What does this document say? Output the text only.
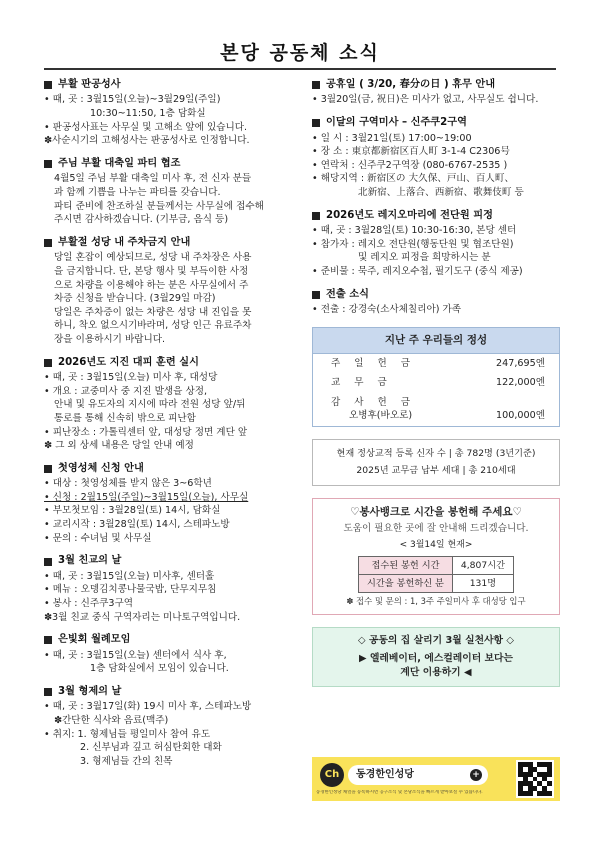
본당 공동체 소식
부활 판공성사
• 때, 곳 : 3월15일(오늘)~3월29일(주일)
10:30~11:50, 1층 담화실
• 판공성사표는 사무실 및 고해소 앞에 있습니다.
✽사순시기의 고해성사는 판공성사로 인정합니다.
주님 부활 대축일 파티 협조
4월5일 주님 부활 대축일 미사 후, 전 신자 분들
과 함께 기쁨을 나누는 파티를 갖습니다.
파티 준비에 찬조하실 분들께서는 사무실에 접수해
주시면 감사하겠습니다. (기부금, 음식 등)
부활절 성당 내 주차금지 안내
당일 혼잡이 예상되므로, 성당 내 주차장은 사용
을 금지합니다. 단, 본당 행사 및 부득이한 사정
으로 차량을 이용해야 하는 분은 사무실에서 주
차증 신청을 받습니다. (3월29일 마감)
당일은 주차증이 없는 차량은 성당 내 진입을 못
하니, 착오 없으시기바라며, 성당 인근 유료주차
장을 이용하시기 바랍니다.
2026년도 지진 대피 훈련 실시
• 때, 곳 : 3월15일(오늘) 미사 후, 대성당
• 개요 : 교중미사 중 지진 발생을 상정,
안내 및 유도자의 지시에 따라 전원 성당 앞/뒤
통로를 통해 신속히 밖으로 피난함
• 피난장소 : 가톨릭센터 앞, 대성당 정면 계단 앞
✽ 그 외 상세 내용은 당일 안내 예정
첫영성체 신청 안내
• 대상 : 첫영성체를 받지 않은 3~6학년
• 신청 : 2월15일(주일)~3월15일(오늘), 사무실
• 부모첫모임 : 3월28일(토) 14시, 담화실
• 교리시작 : 3월28일(토) 14시, 스테파노방
• 문의 : 수녀님 및 사무실
3월 친교의 날
• 때, 곳 : 3월15일(오늘) 미사후, 센터홀
• 메뉴 : 오뎅김치콩나물국밥, 단무지무침
• 봉사 : 신주쿠3구역
✽3월 친교 중식 구역자리는 미나토구역입니다.
은빛회 월례모임
• 때, 곳 : 3월15일(오늘) 센터에서 식사 후,
1층 담화실에서 모임이 있습니다.
3월 형제의 날
• 때, 곳 : 3월17일(화) 19시 미사 후, 스테파노방
✽간단한 식사와 음료(맥주)
• 취지: 1. 형제님들 평일미사 참여 유도
2. 신부님과 깊고 허심탄회한 대화
3. 형제님들 간의 친목
공휴일 ( 3/20, 春分の日 ) 휴무 안내
• 3월20일(금, 祝日)은 미사가 없고, 사무실도 쉽니다.
이달의 구역미사 – 신주쿠2구역
• 일 시 : 3월21일(토) 17:00~19:00
• 장 소 : 東京都新宿区百人町 3-1-4 C2306号
• 연락처 : 신주쿠2구역장 (080-6767-2535 )
• 해당지역 : 新宿区の 大久保、戸山、百人町、
北新宿、上落合、西新宿、歌舞伎町 등
2026년도 레지오마리에 전단원 피정
• 때, 곳 : 3월28일(토) 10:30-16:30, 본당 센터
• 참가자 : 레지오 전단원(행동단원 및 협조단원)
및 레지오 피정을 희망하시는 분
• 준비물 : 묵주, 레지오수첩, 필기도구 (중식 제공)
전출 소식
• 전출 : 강경숙(소사체칠리아) 가족
지난 주 우리들의 정성
주일헌금	247,695엔
교무금	122,000엔
감사헌금
오병후(바오로)	100,000엔
현재 정상교적 등록 신자 수 | 총 782명 (3년기준)
2025년 교무금 납부 세대 | 총 210세대
♡봉사뱅크로 시간을 봉헌해 주세요♡
도움이 필요한 곳에 잘 안내해 드리겠습니다.
< 3월14일 현재>
접수된 봉헌 시간	4,807시간
시간을 봉헌하신 분	131명
✽ 접수 및 문의 : 1, 3주 주일미사 후 대성당 입구
◇ 공동의 집 살리기 3월 실천사항 ◇
▶ 엘레베이터, 에스컬레이터 보다는
계단 이용하기 ◀
Ch	동경한인성당	+
동경한인성당 채널을 등록하시면 공구소식 및 본당소식을 빠르게 받아보실 수 있습니다.
